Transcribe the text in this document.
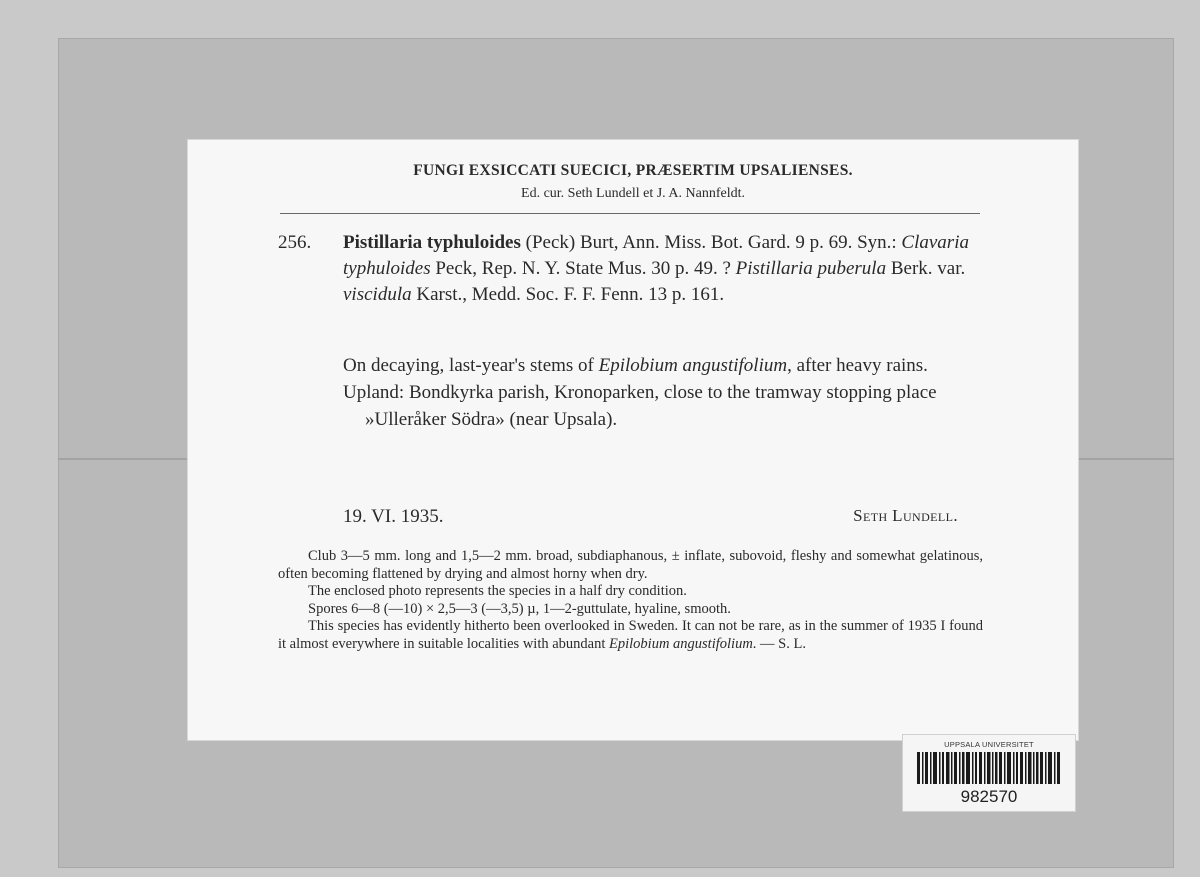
FUNGI EXSICCATI SUECICI, PRÆSERTIM UPSALIENSES.
Ed. cur. Seth Lundell et J. A. Nannfeldt.
256. Pistillaria typhuloides (Peck) Burt, Ann. Miss. Bot. Gard. 9 p. 69. Syn.: Clavaria typhuloides Peck, Rep. N. Y. State Mus. 30 p. 49. ? Pistillaria puberula Berk. var. viscidula Karst., Medd. Soc. F. F. Fenn. 13 p. 161.

On decaying, last-year's stems of Epilobium angustifolium, after heavy rains.

Upland: Bondkyrka parish, Kronoparken, close to the tramway stopping place »Ulleråker Södra» (near Upsala).

19. VI. 1935.	Seth Lundell.

Club 3—5 mm. long and 1,5—2 mm. broad, subdiaphanous, ± inflate, subovoid, fleshy and somewhat gelatinous, often becoming flattened by drying and almost horny when dry.

The enclosed photo represents the species in a half dry condition.

Spores 6—8 (—10) × 2,5—3 (—3,5) µ, 1—2-guttulate, hyaline, smooth.

This species has evidently hitherto been overlooked in Sweden. It can not be rare, as in the summer of 1935 I found it almost everywhere in suitable localities with abundant Epilobium angustifolium. — S. L.

UPPSALA UNIVERSITET
982570
